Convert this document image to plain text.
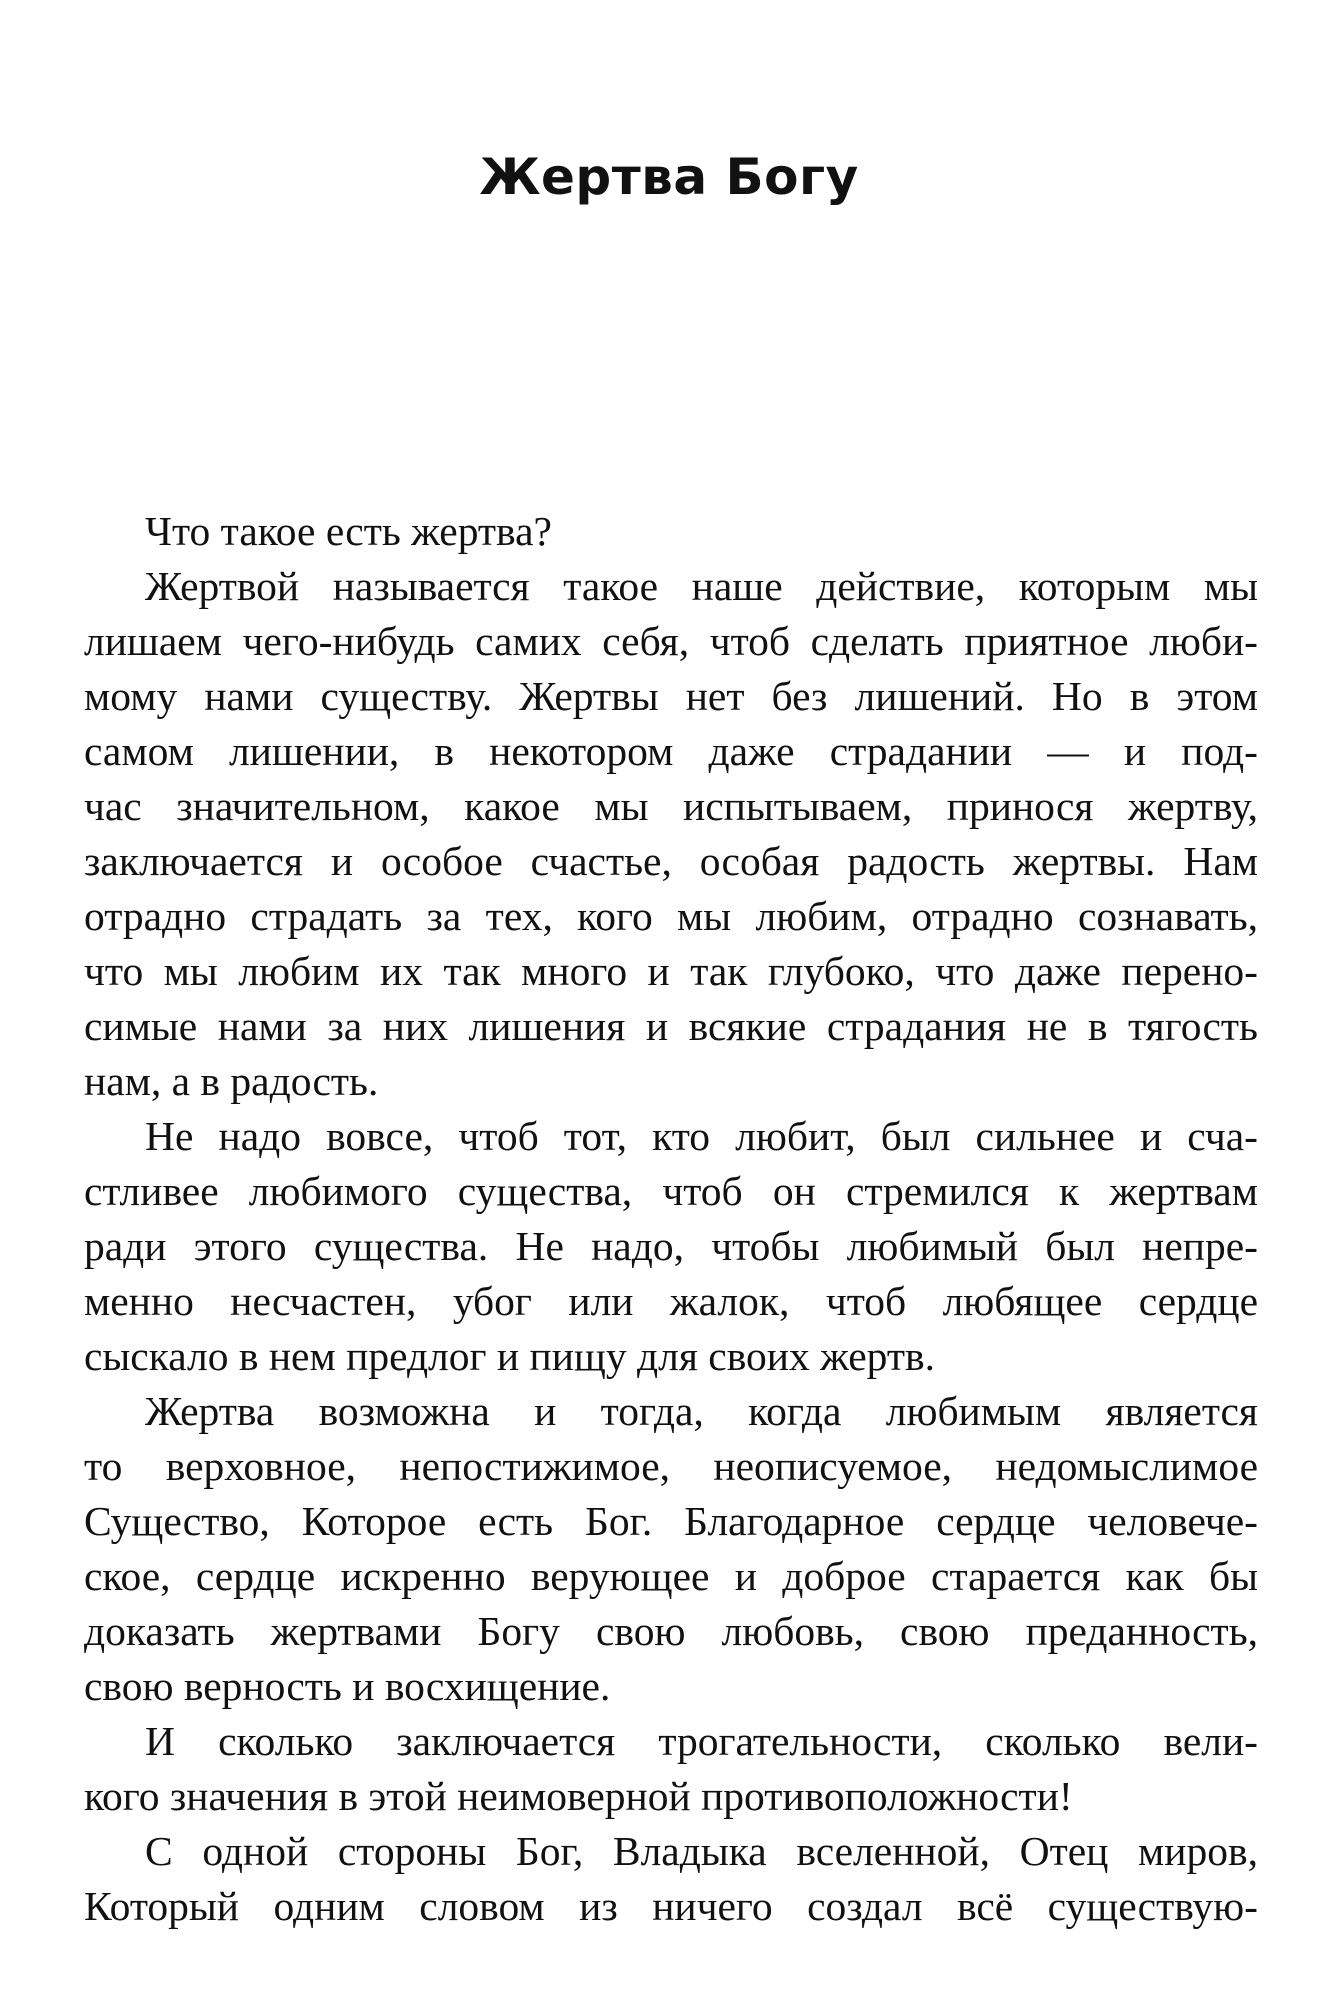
Жертва Богу
Что такое есть жертва?
Жертвой называется такое наше действие, которым мы
лишаем чего-нибудь самих себя, чтоб сделать приятное люби-
мому нами существу. Жертвы нет без лишений. Но в этом
самом лишении, в некотором даже страдании — и под-
час значительном, какое мы испытываем, принося жертву,
заключается и особое счастье, особая радость жертвы. Нам
отрадно страдать за тех, кого мы любим, отрадно сознавать,
что мы любим их так много и так глубоко, что даже перено-
симые нами за них лишения и всякие страдания не в тягость
нам, а в радость.
Не надо вовсе, чтоб тот, кто любит, был сильнее и сча-
стливее любимого существа, чтоб он стремился к жертвам
ради этого существа. Не надо, чтобы любимый был непре-
менно несчастен, убог или жалок, чтоб любящее сердце
сыскало в нем предлог и пищу для своих жертв.
Жертва возможна и тогда, когда любимым является
то верховное, непостижимое, неописуемое, недомыслимое
Существо, Которое есть Бог. Благодарное сердце человече-
ское, сердце искренно верующее и доброе старается как бы
доказать жертвами Богу свою любовь, свою преданность,
свою верность и восхищение.
И сколько заключается трогательности, сколько вели-
кого значения в этой неимоверной противоположности!
С одной стороны Бог, Владыка вселенной, Отец миров,
Который одним словом из ничего создал всё существую-
